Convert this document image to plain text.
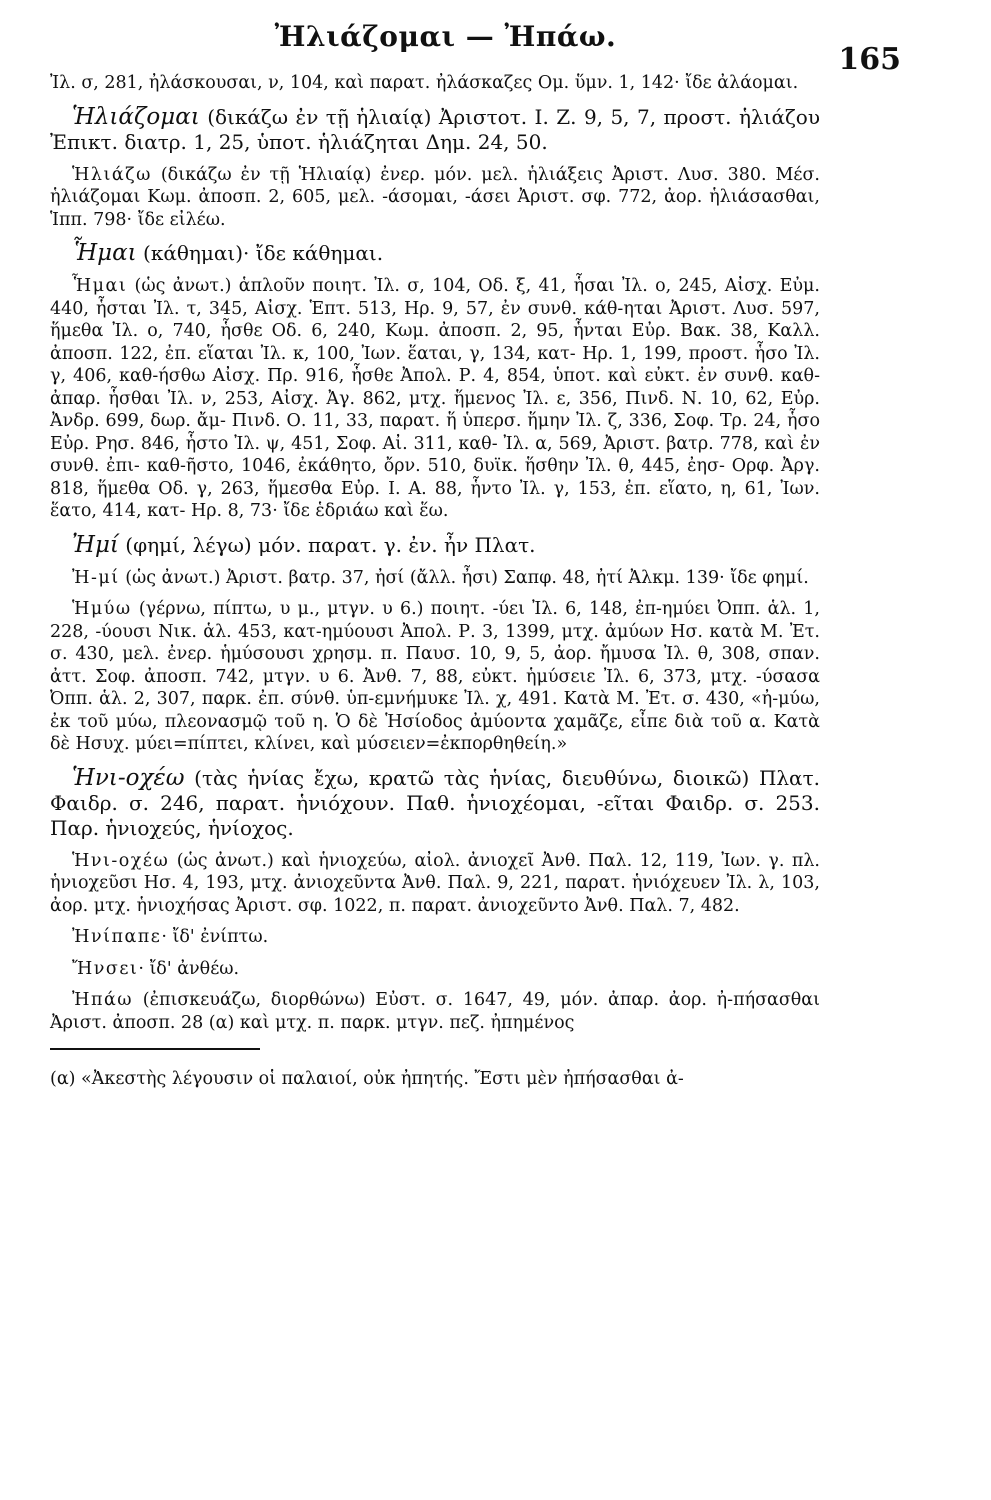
Ἠλιάζομαι — Ἠπάω.
165

Ἰλ. σ, 281, ἠλάσκουσαι, ν, 104, καὶ παρατ. ἠλάσκαζες Ομ. ὕμν. 1, 142· ἴδε ἀλάομαι.

Ἡλιάζομαι (δικάζω ἐν τῇ ἡλιαίᾳ) Ἀριστοτ. Ι. Ζ. 9, 5, 7, προστ. ἡλιάζου Ἐπικτ. διατρ. 1, 25, ὑποτ. ἡλιάζηται Δημ. 24, 50.

Ἡλιάζω (δικάζω ἐν τῇ Ἡλιαίᾳ) ἐνερ. μόν. μελ. ἡλιάξεις Ἀριστ. Λυσ. 380. Μέσ. ἡλιάζομαι Κωμ. ἀποσπ. 2, 605, μελ. -άσομαι, -άσει Ἀριστ. σφ. 772, ἀορ. ἡλιάσασθαι, Ἱππ. 798· ἴδε εἰλέω.

Ἧμαι (κάθημαι)· ἴδε κάθημαι.

Ἧμαι (ὡς ἀνωτ.) ἁπλοῦν ποιητ. Ἰλ. σ, 104, Οδ. ξ, 41, ἧσαι Ἰλ. ο, 245, Αἰσχ. Εὐμ. 440, ἧσται Ἰλ. τ, 345, Αἰσχ. Ἑπτ. 513, Ηρ. 9, 57, ἐν συνθ. κάθ-ηται Ἀριστ. Λυσ. 597, ἥμεθα Ἰλ. ο, 740, ἧσθε Οδ. 6, 240, Κωμ. ἀποσπ. 2, 95, ἧνται Εὐρ. Βακ. 38, Καλλ. ἀποσπ. 122, ἐπ. εἵαται Ἰλ. κ, 100, Ἰων. ἕαται, γ, 134, κατ- Ηρ. 1, 199, προστ. ἧσο Ἰλ. γ, 406, καθ-ήσθω Αἰσχ. Πρ. 916, ἧσθε Ἀπολ. Ρ. 4, 854, ὑποτ. καὶ εὐκτ. ἐν συνθ. καθ- ἀπαρ. ἧσθαι Ἰλ. ν, 253, Αἰσχ. Ἀγ. 862, μτχ. ἥμενος Ἰλ. ε, 356, Πινδ. Ν. 10, 62, Εὐρ. Ἀνδρ. 699, δωρ. ἄμ- Πινδ. Ο. 11, 33, παρατ. ἥ ὑπερσ. ἥμην Ἰλ. ζ, 336, Σοφ. Τρ. 24, ἧσο Εὐρ. Ρησ. 846, ἧστο Ἰλ. ψ, 451, Σοφ. Αἰ. 311, καθ- Ἰλ. α, 569, Ἀριστ. βατρ. 778, καὶ ἐν συνθ. ἐπι- καθ-ῆστο, 1046, ἐκάθητο, ὄρν. 510, δυϊκ. ἥσθην Ἰλ. θ, 445, ἐησ- Ορφ. Ἀργ. 818, ἥμεθα Οδ. γ, 263, ἥμεσθα Εὐρ. Ι. Α. 88, ἧντο Ἰλ. γ, 153, ἐπ. εἵατο, η, 61, Ἰων. ἕατο, 414, κατ- Ηρ. 8, 73· ἴδε ἑδριάω καὶ ἕω.

Ἠμί (φημί, λέγω) μόν. παρατ. γ. ἐν. ἦν Πλατ.

Ἠ-μί (ὡς ἀνωτ.) Ἀριστ. βατρ. 37, ἠσί (ἄλλ. ἦσι) Σαπφ. 48, ἠτί Ἀλκμ. 139· ἴδε φημί.

Ἡμύω (γέρνω, πίπτω, υ μ., μτγν. υ 6.) ποιητ. -ύει Ἰλ. 6, 148, ἐπ-ημύει Ὀππ. ἁλ. 1, 228, -ύουσι Νικ. ἁλ. 453, κατ-ημύουσι Ἀπολ. Ρ. 3, 1399, μτχ. ἀμύων Ησ. κατὰ Μ. Ἐτ. σ. 430, μελ. ἐνερ. ἡμύσουσι χρησμ. π. Παυσ. 10, 9, 5, ἀορ. ἤμυσα Ἰλ. θ, 308, σπαν. ἀττ. Σοφ. ἀποσπ. 742, μτγν. υ 6. Ἀνθ. 7, 88, εὐκτ. ἡμύσειε Ἰλ. 6, 373, μτχ. -ύσασα Ὀππ. ἁλ. 2, 307, παρκ. ἐπ. σύνθ. ὑπ-εμνήμυκε Ἰλ. χ, 491. Κατὰ Μ. Ἐτ. σ. 430, «ἠ-μύω, ἐκ τοῦ μύω, πλεονασμῷ τοῦ η. Ὁ δὲ Ἡσίοδος ἀμύοντα χαμᾶζε, εἶπε διὰ τοῦ α. Κατὰ δὲ Ησυχ. μύει=πίπτει, κλίνει, καὶ μύσειεν=ἐκπορθηθείη.»

Ἡνι-οχέω (τὰς ἡνίας ἔχω, κρατῶ τὰς ἡνίας, διευθύνω, διοικῶ) Πλατ. Φαιδρ. σ. 246, παρατ. ἡνιόχουν. Παθ. ἡνιοχέομαι, -εῖται Φαιδρ. σ. 253. Παρ. ἡνιοχεύς, ἡνίοχος.

Ἡνι-οχέω (ὡς ἀνωτ.) καὶ ἡνιοχεύω, αἰολ. ἀνιοχεῖ Ἀνθ. Παλ. 12, 119, Ἰων. γ. πλ. ἡνιοχεῦσι Ησ. 4, 193, μτχ. ἀνιοχεῦντα Ἀνθ. Παλ. 9, 221, παρατ. ἡνιόχευεν Ἰλ. λ, 103, ἀορ. μτχ. ἡνιοχήσας Ἀριστ. σφ. 1022, π. παρατ. ἀνιοχεῦντο Ἀνθ. Παλ. 7, 482.

Ἠνίπαπε· ἴδ' ἐνίπτω.

Ἤνσει· ἴδ' ἀνθέω.

Ἠπάω (ἐπισκευάζω, διορθώνω) Εὐστ. σ. 1647, 49, μόν. ἀπαρ. ἀορ. ἠ-πήσασθαι Ἀριστ. ἀποσπ. 28 (α) καὶ μτχ. π. παρκ. μτγν. πεζ. ἠπημένος

(α) «Ἀκεστὴς λέγουσιν οἱ παλαιοί, οὐκ ἠπητής. Ἔστι μὲν ἠπήσασθαι ἀ-
